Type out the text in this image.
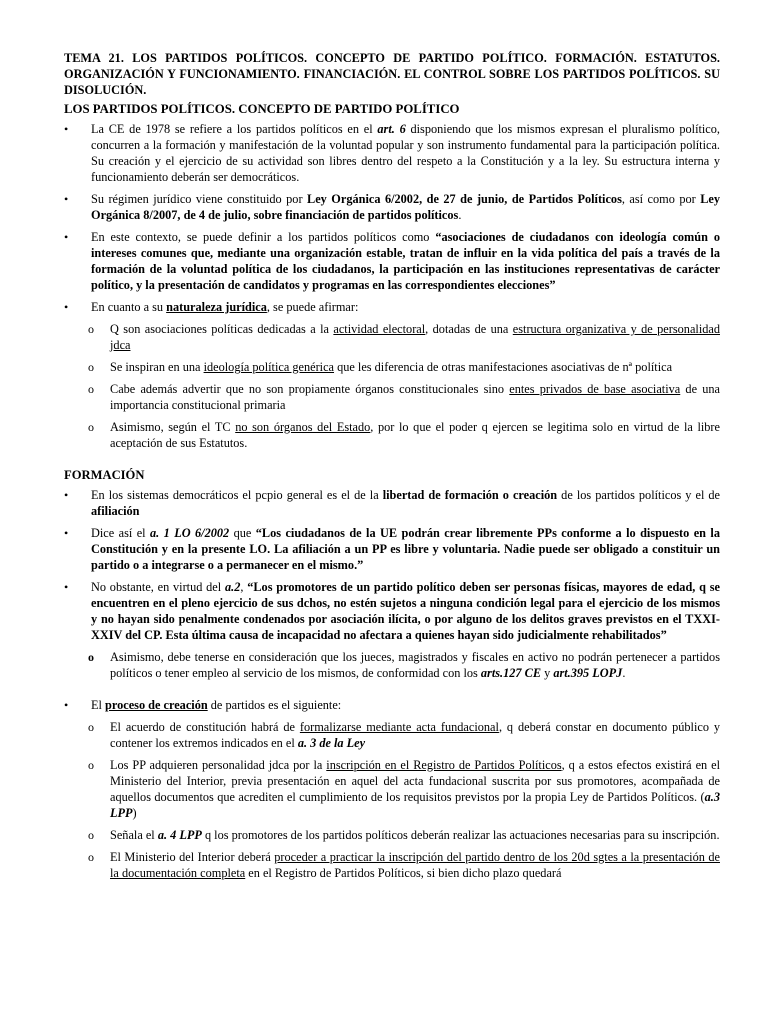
TEMA 21. LOS PARTIDOS POLÍTICOS. CONCEPTO DE PARTIDO POLÍTICO. FORMACIÓN. ESTATUTOS. ORGANIZACIÓN Y FUNCIONAMIENTO. FINANCIACIÓN. EL CONTROL SOBRE LOS PARTIDOS POLÍTICOS. SU DISOLUCIÓN.

LOS PARTIDOS POLÍTICOS. CONCEPTO DE PARTIDO POLÍTICO

• La CE de 1978 se refiere a los partidos políticos en el art. 6 disponiendo que los mismos expresan el pluralismo político, concurren a la formación y manifestación de la voluntad popular y son instrumento fundamental para la participación política. Su creación y el ejercicio de su actividad son libres dentro del respeto a la Constitución y a la ley. Su estructura interna y funcionamiento deberán ser democráticos.
• Su régimen jurídico viene constituido por Ley Orgánica 6/2002, de 27 de junio, de Partidos Políticos, así como por Ley Orgánica 8/2007, de 4 de julio, sobre financiación de partidos políticos.
• En este contexto, se puede definir a los partidos políticos como “asociaciones de ciudadanos con ideología común o intereses comunes que, mediante una organización estable, tratan de influir en la vida política del país a través de la formación de la voluntad política de los ciudadanos, la participación en las instituciones representativas de carácter político, y la presentación de candidatos y programas en las correspondientes elecciones”
• En cuanto a su naturaleza jurídica, se puede afirmar:
o Q son asociaciones políticas dedicadas a la actividad electoral, dotadas de una estructura organizativa y de personalidad jdca
o Se inspiran en una ideología política genérica que les diferencia de otras manifestaciones asociativas de nª política
o Cabe además advertir que no son propiamente órganos constitucionales sino entes privados de base asociativa de una importancia constitucional primaria
o Asimismo, según el TC no son órganos del Estado, por lo que el poder q ejercen se legitima solo en virtud de la libre aceptación de sus Estatutos.

FORMACIÓN

• En los sistemas democráticos el pcpio general es el de la libertad de formación o creación de los partidos políticos y el de afiliación
• Dice así el a. 1 LO 6/2002 que “Los ciudadanos de la UE podrán crear libremente PPs conforme a lo dispuesto en la Constitución y en la presente LO. La afiliación a un PP es libre y voluntaria. Nadie puede ser obligado a constituir un partido o a integrarse o a permanecer en el mismo.”
• No obstante, en virtud del a.2, “Los promotores de un partido político deben ser personas físicas, mayores de edad, q se encuentren en el pleno ejercicio de sus dchos, no estén sujetos a ninguna condición legal para el ejercicio de los mismos y no hayan sido penalmente condenados por asociación ilícita, o por alguno de los delitos graves previstos en el TXXI-XXIV del CP. Esta última causa de incapacidad no afectara a quienes hayan sido judicialmente rehabilitados”
o Asimismo, debe tenerse en consideración que los jueces, magistrados y fiscales en activo no podrán pertenecer a partidos políticos o tener empleo al servicio de los mismos, de conformidad con los arts.127 CE y art.395 LOPJ.
• El proceso de creación de partidos es el siguiente:
o El acuerdo de constitución habrá de formalizarse mediante acta fundacional, q deberá constar en documento público y contener los extremos indicados en el a. 3 de la Ley
o Los PP adquieren personalidad jdca por la inscripción en el Registro de Partidos Políticos, q a estos efectos existirá en el Ministerio del Interior, previa presentación en aquel del acta fundacional suscrita por sus promotores, acompañada de aquellos documentos que acrediten el cumplimiento de los requisitos previstos por la propia Ley de Partidos Políticos. (a.3 LPP)
o Señala el a. 4 LPP q los promotores de los partidos políticos deberán realizar las actuaciones necesarias para su inscripción.
o El Ministerio del Interior deberá proceder a practicar la inscripción del partido dentro de los 20d sgtes a la presentación de la documentación completa en el Registro de Partidos Políticos, si bien dicho plazo quedará
